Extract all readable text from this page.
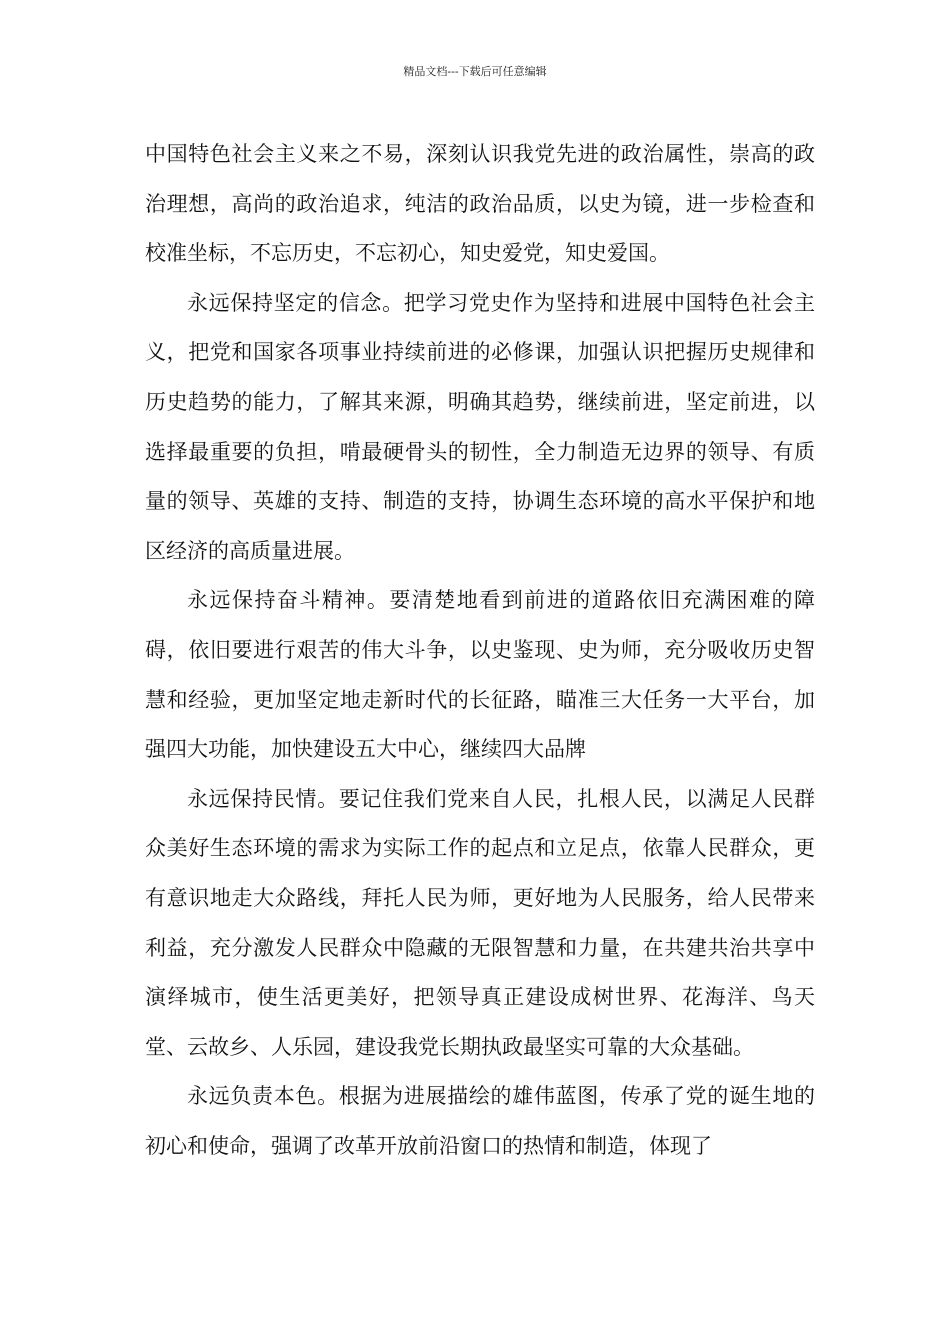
精品文档---下载后可任意编辑

中国特色社会主义来之不易，深刻认识我党先进的政治属性，崇高的政治理想，高尚的政治追求，纯洁的政治品质，以史为镜，进一步检查和校准坐标，不忘历史，不忘初心，知史爱党，知史爱国。

永远保持坚定的信念。把学习党史作为坚持和进展中国特色社会主义，把党和国家各项事业持续前进的必修课，加强认识把握历史规律和历史趋势的能力，了解其来源，明确其趋势，继续前进，坚定前进，以选择最重要的负担，啃最硬骨头的韧性，全力制造无边界的领导、有质量的领导、英雄的支持、制造的支持，协调生态环境的高水平保护和地区经济的高质量进展。

永远保持奋斗精神。要清楚地看到前进的道路依旧充满困难的障碍，依旧要进行艰苦的伟大斗争，以史鉴现、史为师，充分吸收历史智慧和经验，更加坚定地走新时代的长征路，瞄准三大任务一大平台，加强四大功能，加快建设五大中心，继续四大品牌

永远保持民情。要记住我们党来自人民，扎根人民，以满足人民群众美好生态环境的需求为实际工作的起点和立足点，依靠人民群众，更有意识地走大众路线，拜托人民为师，更好地为人民服务，给人民带来利益，充分激发人民群众中隐藏的无限智慧和力量，在共建共治共享中演绎城市，使生活更美好，把领导真正建设成树世界、花海洋、鸟天堂、云故乡、人乐园，建设我党长期执政最坚实可靠的大众基础。

永远负责本色。根据为进展描绘的雄伟蓝图，传承了党的诞生地的初心和使命，强调了改革开放前沿窗口的热情和制造，体现了
